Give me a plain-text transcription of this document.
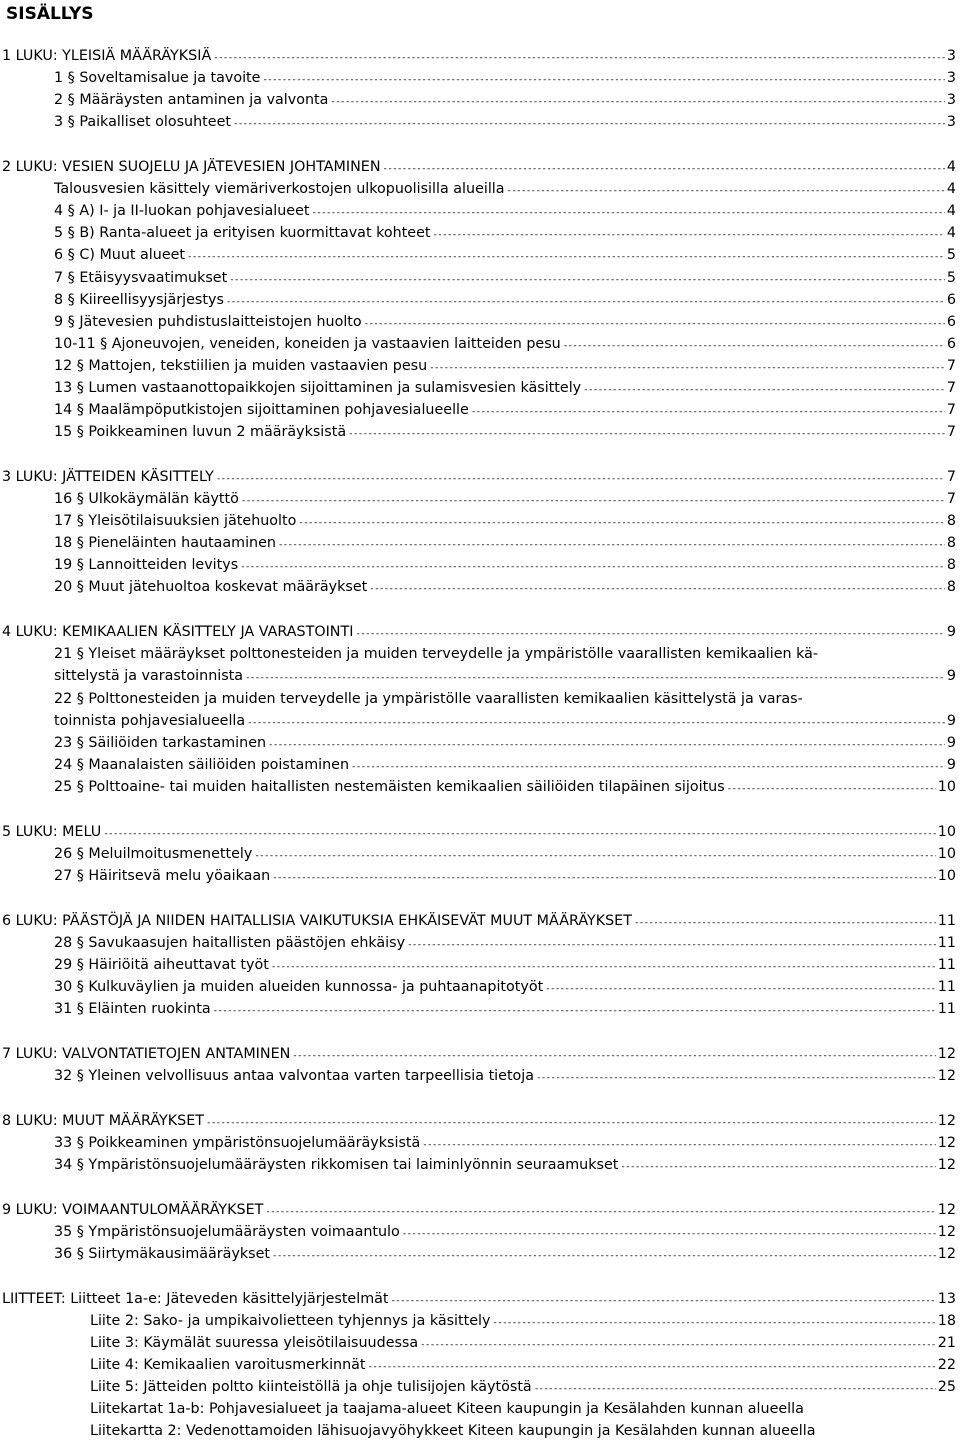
SISÄLLYS
1 LUKU: YLEISIÄ MÄÄRÄYKSIÄ -----	3
1 § Soveltamisalue ja tavoite -----	3
2 § Määräysten antaminen ja valvonta -----	3
3 § Paikalliset olosuhteet -----	3
2 LUKU: VESIEN SUOJELU JA JÄTEVESIEN JOHTAMINEN -----	4
Talousvesien käsittely viemäriverkostojen ulkopuolisilla alueilla -----	4
4 § A) I- ja II-luokan pohjavesialueet -----	4
5 § B) Ranta-alueet ja erityisen kuormittavat kohteet -----	4
6 § C) Muut alueet -----	5
7 § Etäisyysvaatimukset -----	5
8 § Kiireellisyysjärjestys -----	6
9 § Jätevesien puhdistuslaitteistojen huolto -----	6
10-11 § Ajoneuvojen, veneiden, koneiden ja vastaavien laitteiden pesu -----	6
12 § Mattojen, tekstiilien ja muiden vastaavien pesu -----	7
13 § Lumen vastaanottopaikkojen sijoittaminen ja sulamisvesien käsittely -----	7
14 § Maalämpöputkistojen sijoittaminen pohjavesialueelle -----	7
15 § Poikkeaminen luvun 2 määräyksistä -----	7
3 LUKU: JÄTTEIDEN KÄSITTELY -----	7
16 § Ulkokäymälän käyttö -----	7
17 § Yleisötilaisuuksien jätehuolto -----	8
18 § Pieneläinten hautaaminen -----	8
19 § Lannoitteiden levitys -----	8
20 § Muut jätehuoltoa koskevat määräykset -----	8
4 LUKU: KEMIKAALIEN KÄSITTELY JA VARASTOINTI -----	9
21 § Yleiset määräykset polttonesteiden ja muiden terveydelle ja ympäristölle vaarallisten kemikaalien kä-
sittelystä ja varastoinnista -----	9
22 § Polttonesteiden ja muiden terveydelle ja ympäristölle vaarallisten kemikaalien käsittelystä ja varas-
toinnista pohjavesialueella -----	9
23 § Säiliöiden tarkastaminen -----	9
24 § Maanalaisten säiliöiden poistaminen -----	9
25 § Polttoaine- tai muiden haitallisten nestemäisten kemikaalien säiliöiden tilapäinen sijoitus -----	10
5 LUKU: MELU -----	10
26 § Meluilmoitusmenettely -----	10
27 § Häiritsevä melu yöaikaan -----	10
6 LUKU: PÄÄSTÖJÄ JA NIIDEN HAITALLISIA VAIKUTUKSIA EHKÄISEVÄT MUUT MÄÄRÄYKSET -----	11
28 § Savukaasujen haitallisten päästöjen ehkäisy -----	11
29 § Häiriöitä aiheuttavat työt -----	11
30 § Kulkuväylien ja muiden alueiden kunnossa- ja puhtaanapitotyöt -----	11
31 § Eläinten ruokinta -----	11
7 LUKU: VALVONTATIETOJEN ANTAMINEN -----	12
32 § Yleinen velvollisuus antaa valvontaa varten tarpeellisia tietoja -----	12
8 LUKU: MUUT MÄÄRÄYKSET -----	12
33 § Poikkeaminen ympäristönsuojelumääräyksistä -----	12
34 § Ympäristönsuojelumääräysten rikkomisen tai laiminlyönnin seuraamukset -----	12
9 LUKU: VOIMAANTULOMÄÄRÄYKSET -----	12
35 § Ympäristönsuojelumääräysten voimaantulo -----	12
36 § Siirtymäkausimääräykset -----	12
LIITTEET: Liitteet 1a-e: Jäteveden käsittelyjärjestelmät -----	13
Liite 2: Sako- ja umpikaivolietteen tyhjennys ja käsittely -----	18
Liite 3: Käymälät suuressa yleisötilaisuudessa -----	21
Liite 4: Kemikaalien varoitusmerkinnät -----	22
Liite 5: Jätteiden poltto kiinteistöllä ja ohje tulisijojen käytöstä -----	25
Liitekartat 1a-b: Pohjavesialueet ja taajama-alueet Kiteen kaupungin ja Kesälahden kunnan alueella
Liitekartta 2: Vedenottamoiden lähisuojavyöhykkeet Kiteen kaupungin ja Kesälahden kunnan alueella
